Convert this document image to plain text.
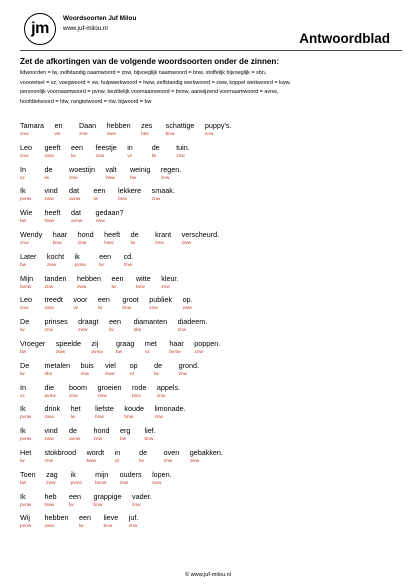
jm
Woordsoorten Juf Milou
www.juf-milou.nl
Antwoordblad
Zet de afkortingen van de volgende woordsoorten onder de zinnen:
lidwoorden = lw, zelfstandig naamwoord = znw, bijvoeglijk naamwoord = bnw, stoffelijk bijvoeglijk = sbn,
voorzetsel = vz, voegwoord = vw, hulpwerkwoord = hww, zelfstandig werkwoord = zww, koppel werkwoord = kww,
persoonlijk voornaamwoord = pvnw, bezittelijk voornaamwoord = bvnw, aanwijzend voornaamwoord = avnw,
hoofdtelwoord = htw, rangtelwoord = rtw, bijwoord = bw
Tamara
znw
en
vw
Daan
znw
hebben
zww
zes
htw
schattige
bnw
puppy's.
znw
Leo
znw
geeft
zww
een
lw
feestje
znw
in
vz
de
lw
tuin.
znw
In
vz
de
lw
woestijn
znw
valt
zww
weinig
bw
regen.
znw
Ik
pvnw
vind
zww
dat
avnw
een
lw
lekkere
bnw
smaak.
znw
Wie
bw
heeft
hww
dat
avnw
gedaan?
zww
Wendy
znw
haar
bnw
hond
znw
heeft
hww
de
lw
krant
znw
verscheurd.
zww
Later
bw
kocht
zww
ik
pvnw
een
lw
cd.
znw
Mijn
bvnw
tanden
znw
hebben
zww
een
lw
witte
bnw
kleur.
znw
Leo
znw
treedt
zww
voor
vz
een
lw
groot
bnw
publiek
znw
op.
zww
De
lw
prinses
znw
draagt
zww
een
lw
diamanten
sbn
diadeem.
znw
Vroeger
bw
speelde
zww
zij
pvnw
graag
bw
met
vz
haar
bvnw
poppen.
znw
De
lw
metalen
sbn
buis
znw
viel
zww
op
vz
de
lw
grond.
znw
In
vz
die
avnw
boom
znw
groeien
zww
rode
bnw
appels.
znw
Ik
pvnw
drink
zww
het
lw
liefste
bnw
koude
bnw
limonade.
znw
Ik
pvnw
vind
zww
de
avnw
hond
znw
erg
bw
lief.
bnw
Het
lw
stokbrood
znw
wordt
kww
in
vz
de
lw
oven
znw
gebakken.
zww
Toen
bw
zag
zww
ik
pvnw
mijn
bvnw
ouders
znw
lopen.
zww
Ik
pvnw
heb
hww
een
lw
grappige
bnw
vader.
znw
Wij
pvnw
hebben
zww
een
lw
lieve
bnw
juf.
znw
© www.juf-milou.nl
